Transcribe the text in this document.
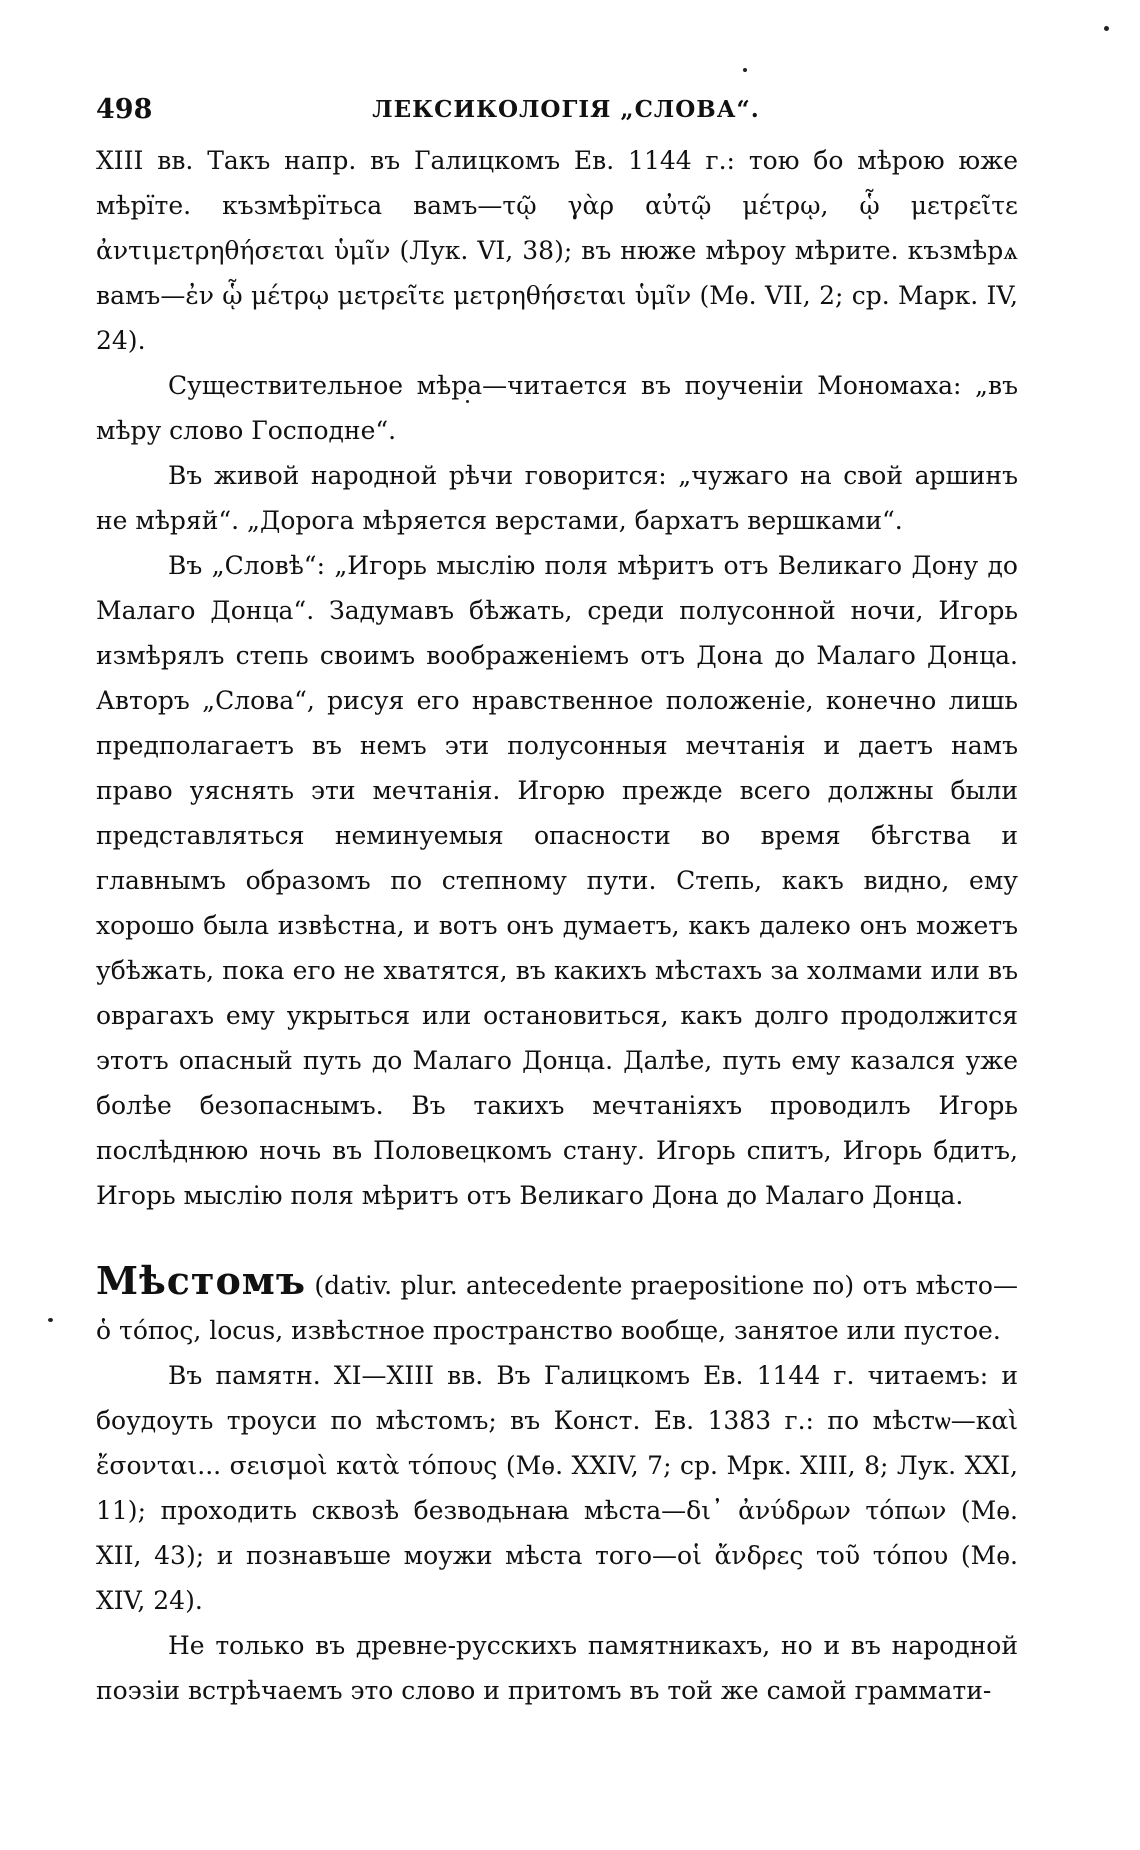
498	ЛЕКСИКОЛОГІЯ „СЛОВА“.

XIII вв. Такъ напр. въ Галицкомъ Ев. 1144 г.: тою бо мѣрою юже мѣрїте. къзмѣрїтьса вамъ—τῷ γὰρ αὐτῷ μέτρῳ, ᾧ μετρεῖτε ἀντιμετρηθήσεται ὑμῖν (Лук. VI, 38); въ нюже мѣроу мѣрите. къзмѣрѧ вамъ—ἐν ᾧ μέτρῳ μετρεῖτε μετρηθήσεται ὑμῖν (Мѳ. VII, 2; ср. Марк. IV, 24).

Существительное мѣра—читается въ поученіи Мономаха: „въ мѣру слово Господне“.

Въ живой народной рѣчи говорится: „чужаго на свой аршинъ не мѣряй“. „Дорога мѣряется верстами, бархатъ вершками“.

Въ „Словѣ“: „Игорь мыслію поля мѣритъ отъ Великаго Дону до Малаго Донца“. Задумавъ бѣжать, среди полусонной ночи, Игорь измѣрялъ степь своимъ воображеніемъ отъ Дона до Малаго Донца. Авторъ „Слова“, рисуя его нравственное положеніе, конечно лишь предполагаетъ въ немъ эти полусонныя мечтанія и даетъ намъ право уяснять эти мечтанія. Игорю прежде всего должны были представляться неминуемыя опасности во время бѣгства и главнымъ образомъ по степному пути. Степь, какъ видно, ему хорошо была извѣстна, и вотъ онъ думаетъ, какъ далеко онъ можетъ убѣжать, пока его не хватятся, въ какихъ мѣстахъ за холмами или въ оврагахъ ему укрыться или остановиться, какъ долго продолжится этотъ опасный путь до Малаго Донца. Далѣе, путь ему казался уже болѣе безопаснымъ. Въ такихъ мечтаніяхъ проводилъ Игорь послѣднюю ночь въ Половецкомъ стану. Игорь спитъ, Игорь бдитъ, Игорь мыслію поля мѣритъ отъ Великаго Дона до Малаго Донца.

Мѣстомъ (dativ. plur. antecedente praepositione по) отъ мѣсто—ὁ τόπος, locus, извѣстное пространство вообще, занятое или пустое.

Въ памятн. XI—XIII вв. Въ Галицкомъ Ев. 1144 г. читаемъ: и боудоуть троуси по мѣстомъ; въ Конст. Ев. 1383 г.: по мѣстѡ—καὶ ἔσονται... σεισμοὶ κατὰ τόπους (Мѳ. XXIV, 7; ср. Мрк. XIII, 8; Лук. XXI, 11); проходить сквозѣ безводьнаꙗ мѣста—δι᾽ ἀνύδρων τόπων (Мѳ. XII, 43); и познавъше моужи мѣста того—οἱ ἄνδρες τοῦ τόπου (Мѳ. XIV, 24).

Не только въ древне-русскихъ памятникахъ, но и въ народной поэзіи встрѣчаемъ это слово и притомъ въ той же самой граммати-
